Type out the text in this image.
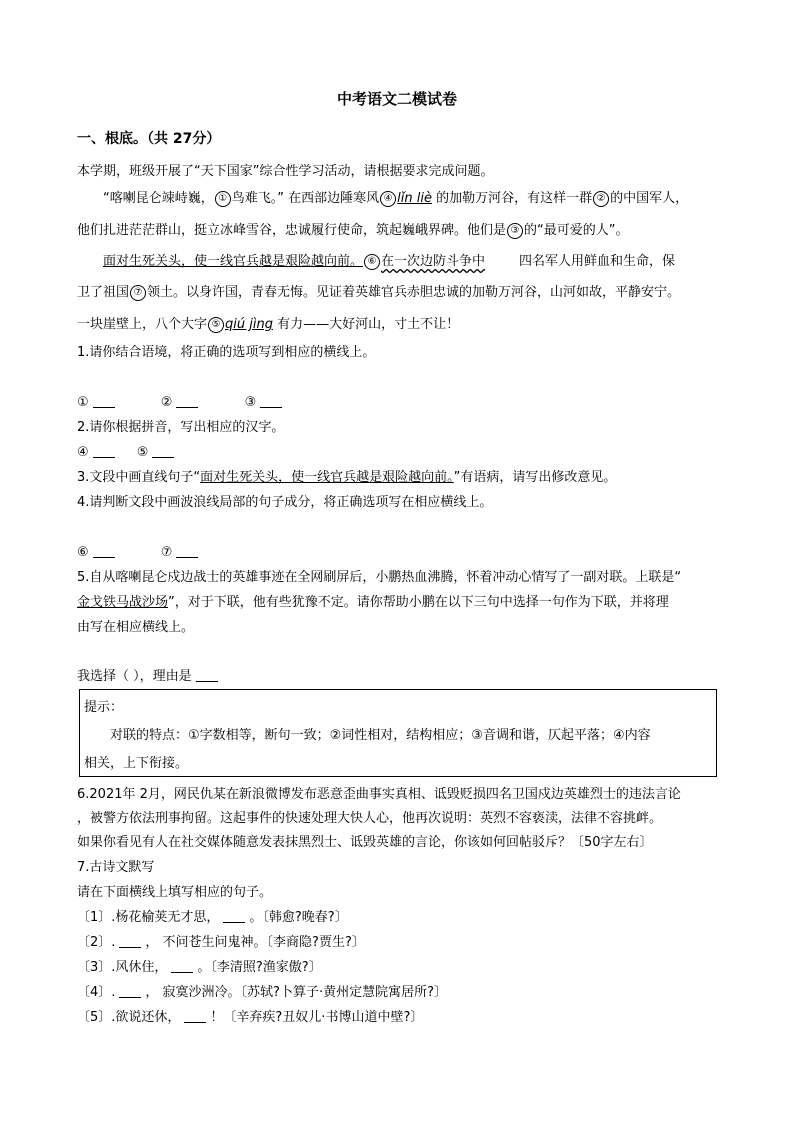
中考语文二模试卷
一、根底。（共 27分）
本学期，班级开展了“天下国家”综合性学习活动，请根据要求完成问题。
“喀喇昆仑竦峙巍， ① 鸟难飞。” 在西部边陲寒风 ④ lǐn liè 的加勒万河谷，有这样一群 ② 的中国军人，
他们扎进茫茫群山，挺立冰峰雪谷，忠诚履行使命，筑起巍峨界碑。他们是 ③ 的“最可爱的人”。
面对生死关头，使一线官兵越是艰险越向前。 ⑥ 在一次边防斗争中	四名军人用鲜血和生命，保
卫了祖国 ⑦ 领土。以身许国，青春无悔。见证着英雄官兵赤胆忠诚的加勒万河谷，山河如故，平静安宁。
一块崖壁上，八个大字 ⑤ qiú jìng 有力——大好河山，寸土不让！
1.请你结合语境，将正确的选项写到相应的横线上。
①	②	③
2.请你根据拼音，写出相应的汉字。
④	⑤
3.文段中画直线句子“面对生死关头，使一线官兵越是艰险越向前。”有语病，请写出修改意见。
4.请判断文段中画波浪线局部的句子成分，将正确选项写在相应横线上。
⑥	⑦
5.自从喀喇昆仑戍边战士的英雄事迹在全网刷屏后，小鹏热血沸腾，怀着冲动心情写了一副对联。上联是“
金戈铁马战沙场”，对于下联，他有些犹豫不定。请你帮助小鹏在以下三句中选择一句作为下联，并将理
由写在相应横线上。
我选择（ ），理由是
提示：
对联的特点：①字数相等，断句一致；②词性相对，结构相应；③音调和谐，仄起平落；④内容
相关，上下衔接。
6.2021年 2月，网民仇某在新浪微博发布恶意歪曲事实真相、诋毁贬损四名卫国戍边英雄烈士的违法言论
，被警方依法刑事拘留。这起事件的快速处理大快人心，他再次说明：英烈不容亵渎，法律不容挑衅。
如果你看见有人在社交媒体随意发表抹黑烈士、诋毁英雄的言论，你该如何回帖驳斥？〔50字左右〕
7.古诗文默写
请在下面横线上填写相应的句子。
〔1〕.杨花榆荚无才思， 。〔韩愈?晚春?〕
〔2〕. ， 不问苍生问鬼神。〔李商隐?贾生?〕
〔3〕.风休住， 。〔李清照?渔家傲?〕
〔4〕. ， 寂寞沙洲冷。〔苏轼?卜算子·黄州定慧院寓居所?〕
〔5〕.欲说还休， ！〔辛弃疾?丑奴儿·书博山道中壁?〕
